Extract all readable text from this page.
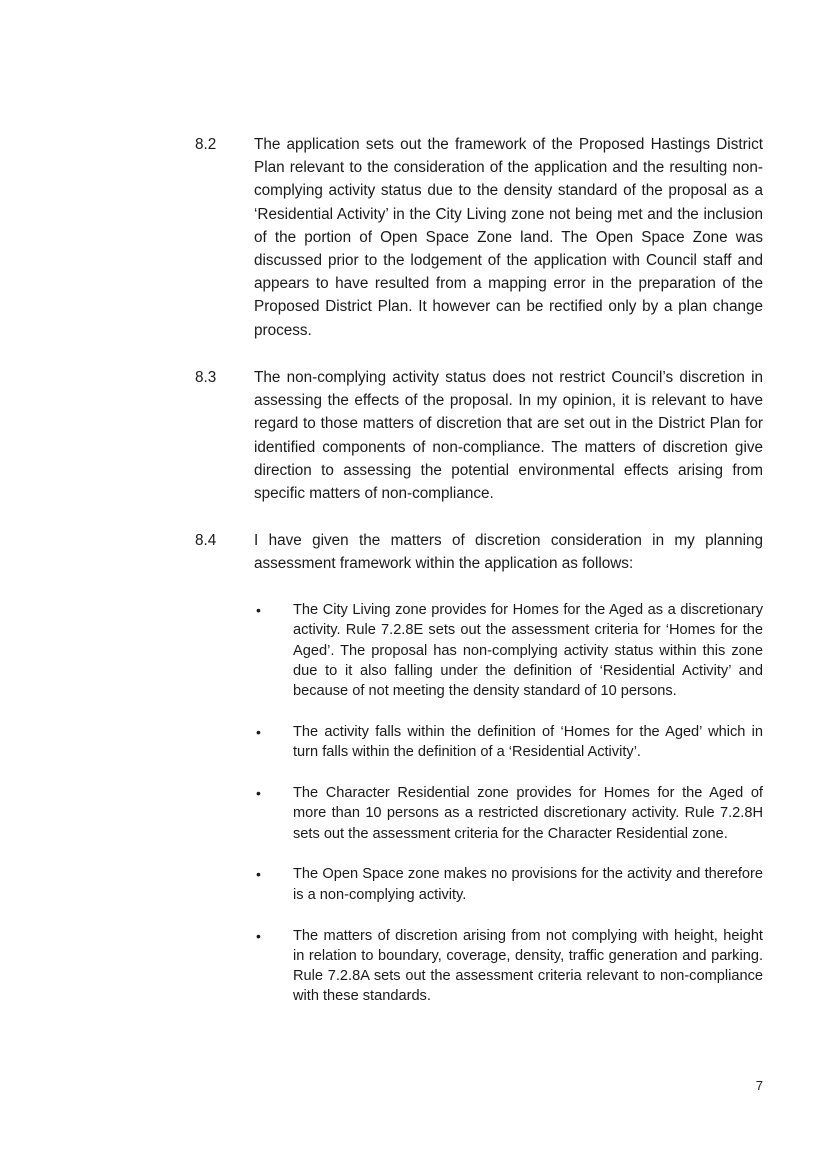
8.2	The application sets out the framework of the Proposed Hastings District Plan relevant to the consideration of the application and the resulting non-complying activity status due to the density standard of the proposal as a ‘Residential Activity’ in the City Living zone not being met and the inclusion of the portion of Open Space Zone land. The Open Space Zone was discussed prior to the lodgement of the application with Council staff and appears to have resulted from a mapping error in the preparation of the Proposed District Plan. It however can be rectified only by a plan change process.
8.3	The non-complying activity status does not restrict Council’s discretion in assessing the effects of the proposal. In my opinion, it is relevant to have regard to those matters of discretion that are set out in the District Plan for identified components of non-compliance. The matters of discretion give direction to assessing the potential environmental effects arising from specific matters of non-compliance.
8.4	I have given the matters of discretion consideration in my planning assessment framework within the application as follows:
• The City Living zone provides for Homes for the Aged as a discretionary activity. Rule 7.2.8E sets out the assessment criteria for ‘Homes for the Aged’. The proposal has non-complying activity status within this zone due to it also falling under the definition of ‘Residential Activity’ and because of not meeting the density standard of 10 persons.
• The activity falls within the definition of ‘Homes for the Aged’ which in turn falls within the definition of a ‘Residential Activity’.
• The Character Residential zone provides for Homes for the Aged of more than 10 persons as a restricted discretionary activity. Rule 7.2.8H sets out the assessment criteria for the Character Residential zone.
• The Open Space zone makes no provisions for the activity and therefore is a non-complying activity.
• The matters of discretion arising from not complying with height, height in relation to boundary, coverage, density, traffic generation and parking. Rule 7.2.8A sets out the assessment criteria relevant to non-compliance with these standards.
7
